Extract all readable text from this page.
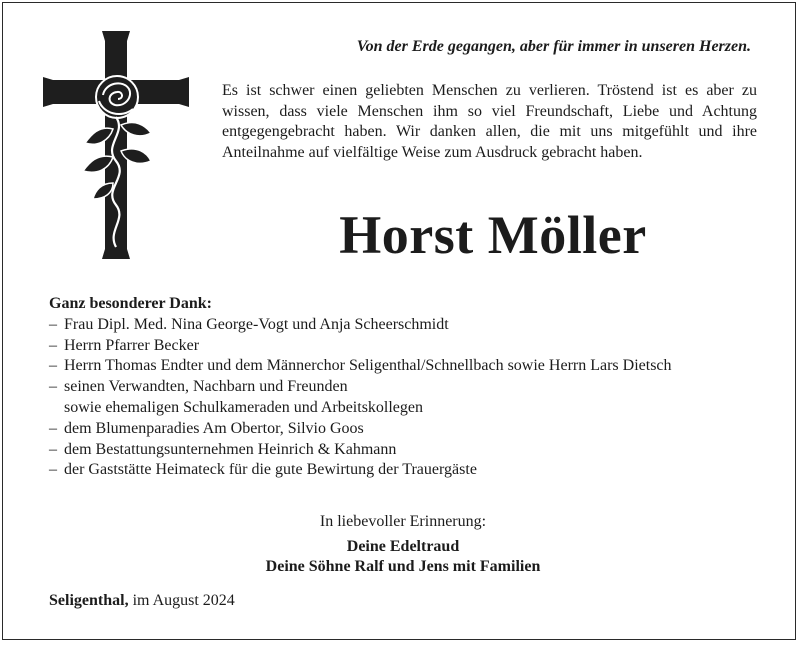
Von der Erde gegangen, aber für immer in unseren Herzen.
Es ist schwer einen geliebten Menschen zu verlieren. Tröstend ist es aber zu wissen, dass viele Menschen ihm so viel Freundschaft, Liebe und Achtung entgegengebracht haben. Wir danken allen, die mit uns mitgefühlt und ihre Anteilnahme auf vielfältige Weise zum Ausdruck gebracht haben.
Horst Möller
Ganz besonderer Dank:
– Frau Dipl. Med. Nina George-Vogt und Anja Scheerschmidt
– Herrn Pfarrer Becker
– Herrn Thomas Endter und dem Männerchor Seligenthal/Schnellbach sowie Herrn Lars Dietsch
– seinen Verwandten, Nachbarn und Freunden
sowie ehemaligen Schulkameraden und Arbeitskollegen
– dem Blumenparadies Am Obertor, Silvio Goos
– dem Bestattungsunternehmen Heinrich & Kahmann
– der Gaststätte Heimateck für die gute Bewirtung der Trauergäste
In liebevoller Erinnerung:
Deine Edeltraud
Deine Söhne Ralf und Jens mit Familien
Seligenthal, im August 2024
